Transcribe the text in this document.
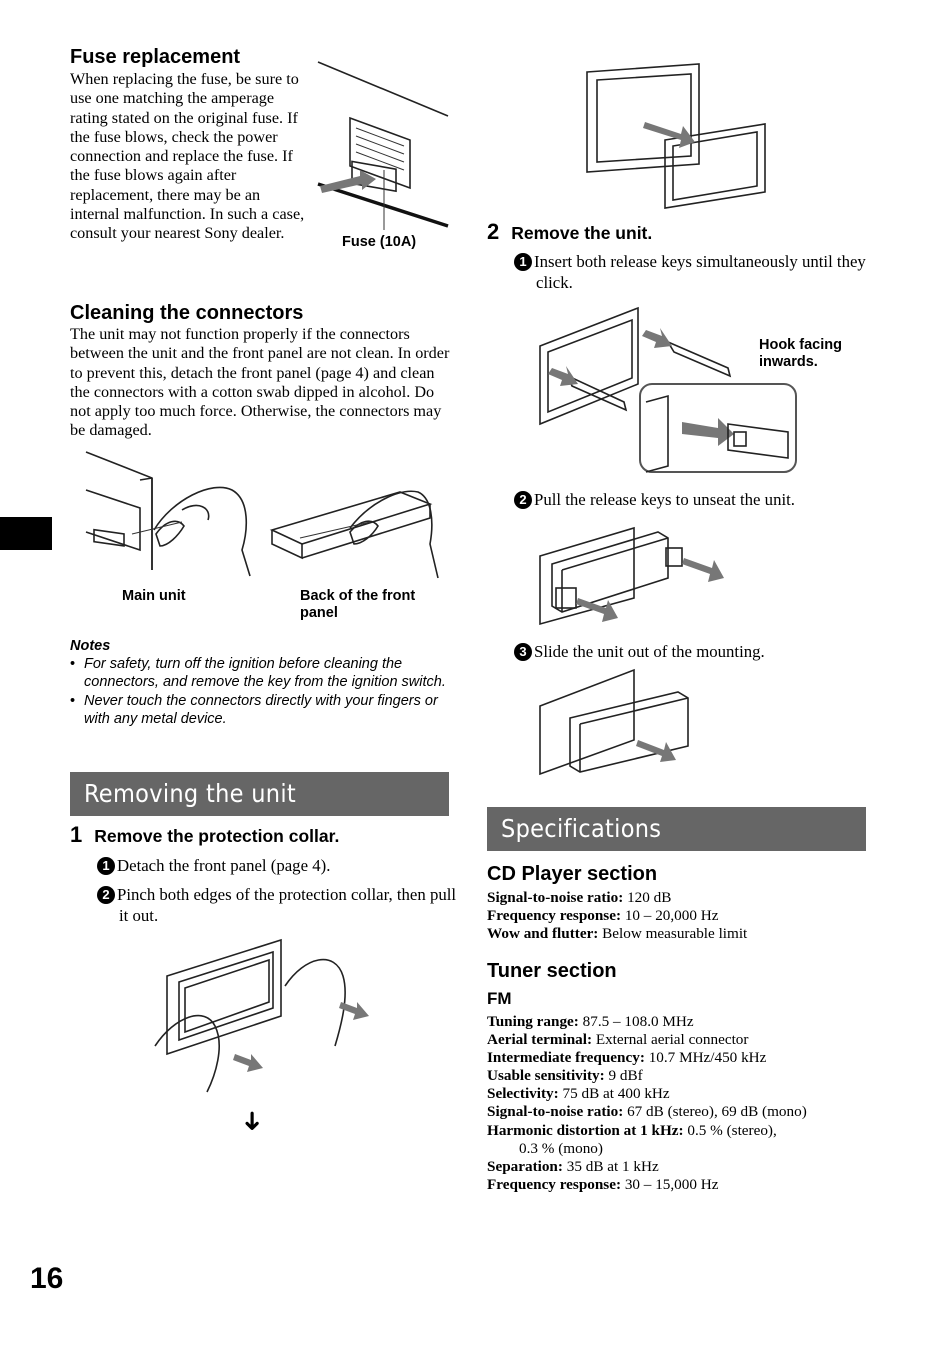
Fuse replacement
When replacing the fuse, be sure to use one matching the amperage rating stated on the original fuse. If the fuse blows, check the power connection and replace the fuse. If the fuse blows again after replacement, there may be an internal malfunction. In such a case, consult your nearest Sony dealer.	Fuse (10A)
Cleaning the connectors
The unit may not function properly if the connectors between the unit and the front panel are not clean. In order to prevent this, detach the front panel (page 4) and clean the connectors with a cotton swab dipped in alcohol. Do not apply too much force. Otherwise, the connectors may be damaged.
Main unit	Back of the front panel
Notes
• For safety, turn off the ignition before cleaning the connectors, and remove the key from the ignition switch.
• Never touch the connectors directly with your fingers or with any metal device.
Removing the unit
1 Remove the protection collar.
1 Detach the front panel (page 4).
2 Pinch both edges of the protection collar, then pull it out.
➜
2 Remove the unit.
1 Insert both release keys simultaneously until they click.
Hook facing inwards.
2 Pull the release keys to unseat the unit.
3 Slide the unit out of the mounting.
Specifications
CD Player section
Signal-to-noise ratio: 120 dB
Frequency response: 10 – 20,000 Hz
Wow and flutter: Below measurable limit
Tuner section
FM
Tuning range: 87.5 – 108.0 MHz
Aerial terminal: External aerial connector
Intermediate frequency: 10.7 MHz/450 kHz
Usable sensitivity: 9 dBf
Selectivity: 75 dB at 400 kHz
Signal-to-noise ratio: 67 dB (stereo), 69 dB (mono)
Harmonic distortion at 1 kHz: 0.5 % (stereo),
0.3 % (mono)
Separation: 35 dB at 1 kHz
Frequency response: 30 – 15,000 Hz
16
